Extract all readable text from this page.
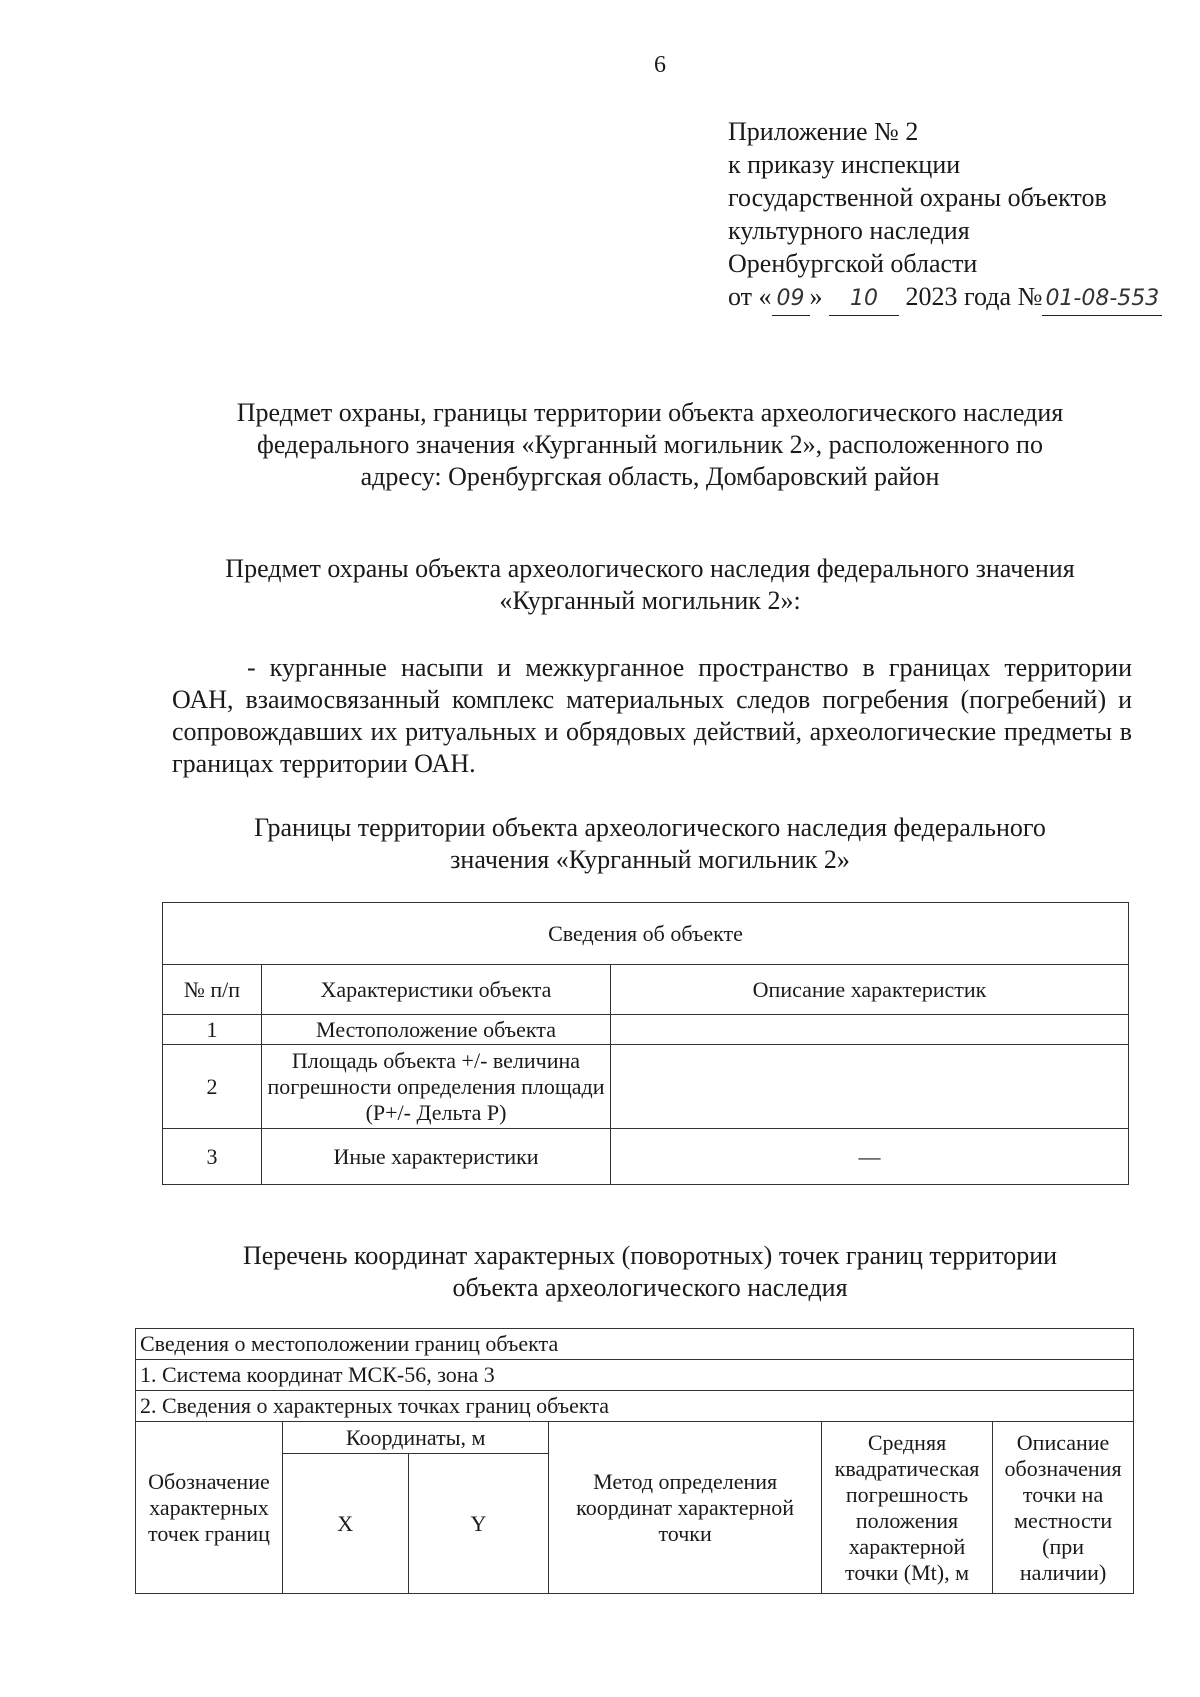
6
Приложение № 2
к приказу инспекции
государственной охраны объектов
культурного наследия
Оренбургской области
от « 09 » 10 2023 года № 01-08-553
Предмет охраны, границы территории объекта археологического наследия
федерального значения «Курганный могильник 2», расположенного по
адресу: Оренбургская область, Домбаровский район
Предмет охраны объекта археологического наследия федерального значения
«Курганный могильник 2»:
- курганные насыпи и межкурганное пространство в границах территории ОАН, взаимосвязанный комплекс материальных следов погребения (погребений) и сопровождавших их ритуальных и обрядовых действий, археологические предметы в границах территории ОАН.
Границы территории объекта археологического наследия федерального
значения «Курганный могильник 2»
Сведения об объекте		
№ п/п	Характеристики объекта	Описание характеристик
1	Местоположение объекта	
2	Площадь объекта +/- величина погрешности определения площади (P+/- Дельта P)	
3	Иные характеристики	—
Перечень координат характерных (поворотных) точек границ территории
объекта археологического наследия
Сведения о местоположении границ объекта					
1. Система координат МСК-56, зона 3					
2. Сведения о характерных точках границ объекта					
Обозначение характерных точек границ	Координаты, м		Метод определения координат характерной точки	Средняя квадратическая погрешность положения характерной точки (Mt), м	Описание обозначения точки на местности (при наличии)
	X	Y			
